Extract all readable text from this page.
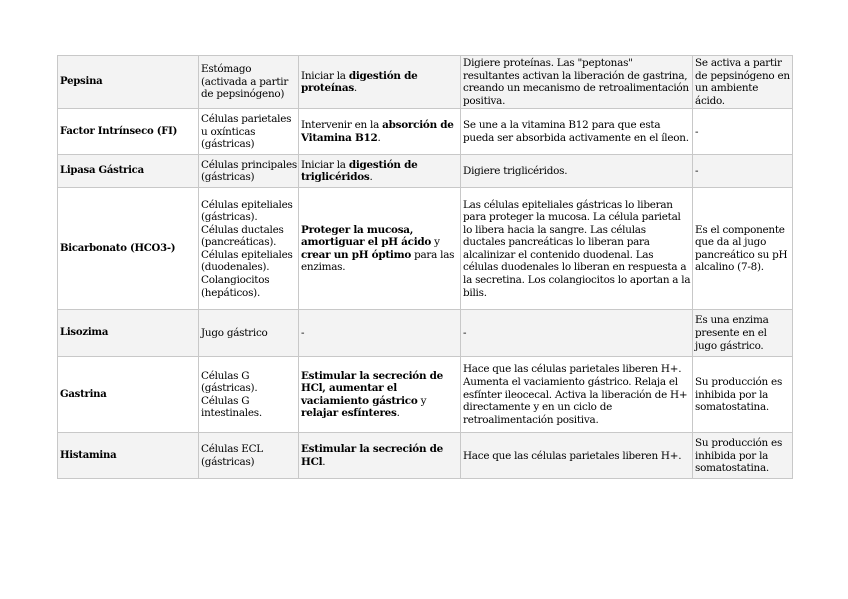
Pepsina	Estómago (activada a partir de pepsinógeno)	Iniciar la digestión de proteínas.	Digiere proteínas. Las "peptonas" resultantes activan la liberación de gastrina, creando un mecanismo de retroalimentación positiva.	Se activa a partir de pepsinógeno en un ambiente ácido.
Factor Intrínseco (FI)	Células parietales u oxínticas (gástricas)	Intervenir en la absorción de Vitamina B12.	Se une a la vitamina B12 para que esta pueda ser absorbida activamente en el íleon.	-
Lipasa Gástrica	Células principales (gástricas)	Iniciar la digestión de triglicéridos.	Digiere triglicéridos.	-
Bicarbonato (HCO3-)	Células epiteliales (gástricas). Células ductales (pancreáticas). Células epiteliales (duodenales). Colangiocitos (hepáticos).	Proteger la mucosa, amortiguar el pH ácido y crear un pH óptimo para las enzimas.	Las células epiteliales gástricas lo liberan para proteger la mucosa. La célula parietal lo libera hacia la sangre. Las células ductales pancreáticas lo liberan para alcalinizar el contenido duodenal. Las células duodenales lo liberan en respuesta a la secretina. Los colangiocitos lo aportan a la bilis.	Es el componente que da al jugo pancreático su pH alcalino (7-8).
Lisozima	Jugo gástrico	-	-	Es una enzima presente en el jugo gástrico.
Gastrina	Células G (gástricas). Células G intestinales.	Estimular la secreción de HCl, aumentar el vaciamiento gástrico y relajar esfínteres.	Hace que las células parietales liberen H+. Aumenta el vaciamiento gástrico. Relaja el esfínter ileocecal. Activa la liberación de H+ directamente y en un ciclo de retroalimentación positiva.	Su producción es inhibida por la somatostatina.
Histamina	Células ECL (gástricas)	Estimular la secreción de HCl.	Hace que las células parietales liberen H+.	Su producción es inhibida por la somatostatina.
